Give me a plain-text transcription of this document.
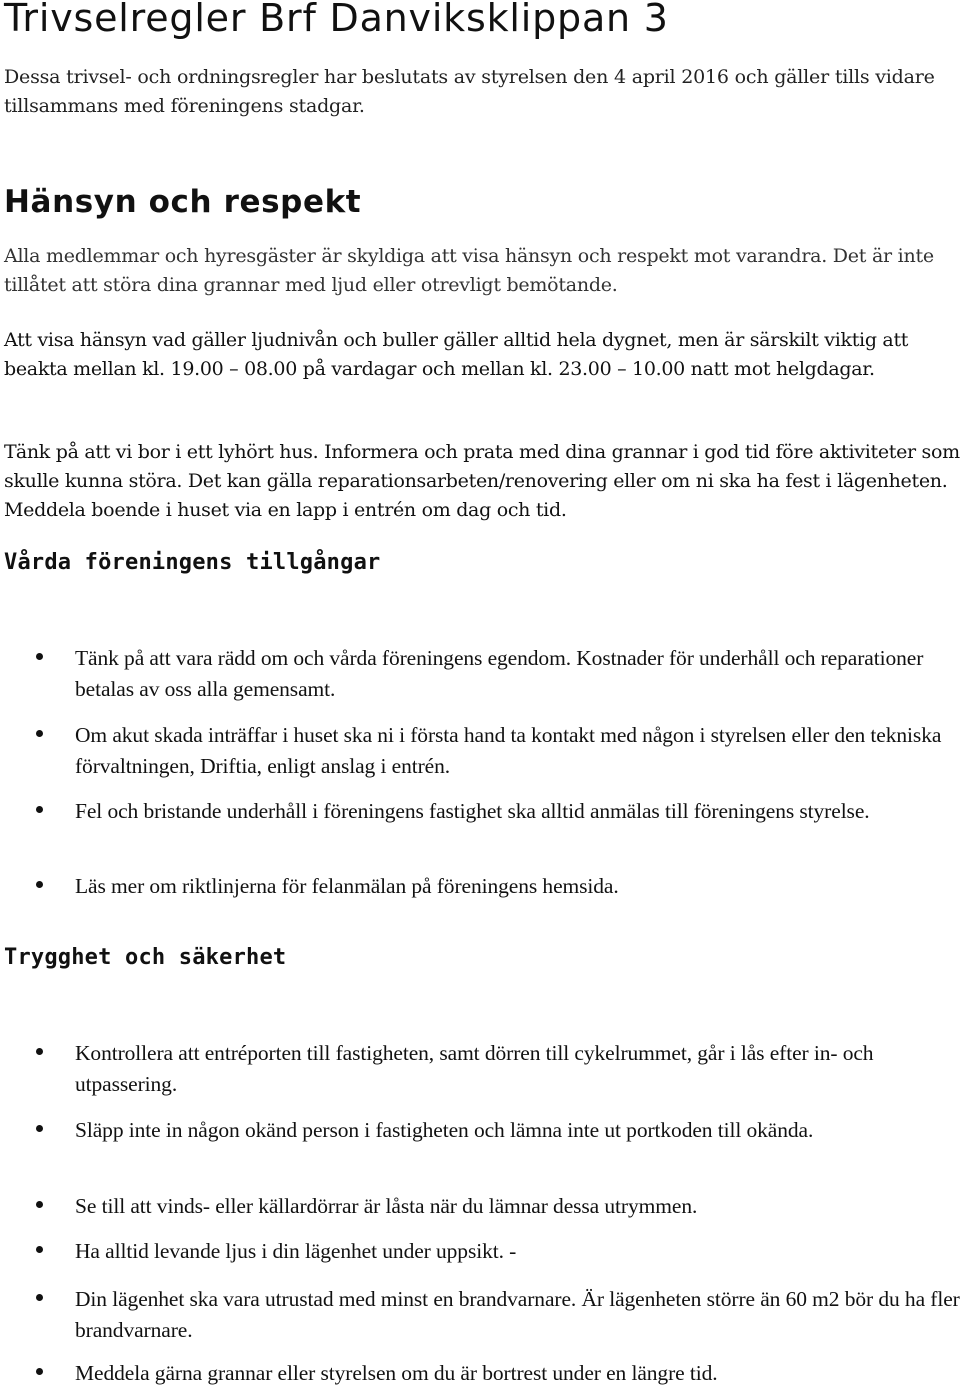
Trivselregler Brf Danviksklippan 3

Dessa trivsel- och ordningsregler har beslutats av styrelsen den 4 april 2016 och gäller tills vidare tillsammans med föreningens stadgar.

Hänsyn och respekt

Alla medlemmar och hyresgäster är skyldiga att visa hänsyn och respekt mot varandra. Det är inte tillåtet att störa dina grannar med ljud eller otrevligt bemötande.

Att visa hänsyn vad gäller ljudnivån och buller gäller alltid hela dygnet, men är särskilt viktig att beakta mellan kl. 19.00 – 08.00 på vardagar och mellan kl. 23.00 – 10.00 natt mot helgdagar.

Tänk på att vi bor i ett lyhört hus. Informera och prata med dina grannar i god tid före aktiviteter som skulle kunna störa. Det kan gälla reparationsarbeten/renovering eller om ni ska ha fest i lägenheten. Meddela boende i huset via en lapp i entrén om dag och tid.

Vårda föreningens tillgångar
Tänk på att vara rädd om och vårda föreningens egendom. Kostnader för underhåll och reparationer betalas av oss alla gemensamt.
Om akut skada inträffar i huset ska ni i första hand ta kontakt med någon i styrelsen eller den tekniska förvaltningen, Driftia, enligt anslag i entrén.
Fel och bristande underhåll i föreningens fastighet ska alltid anmälas till föreningens styrelse.
Läs mer om riktlinjerna för felanmälan på föreningens hemsida.
Trygghet och säkerhet
Kontrollera att entréporten till fastigheten, samt dörren till cykelrummet, går i lås efter in- och utpassering.
Släpp inte in någon okänd person i fastigheten och lämna inte ut portkoden till okända.
Se till att vinds- eller källardörrar är låsta när du lämnar dessa utrymmen.
Ha alltid levande ljus i din lägenhet under uppsikt. -
Din lägenhet ska vara utrustad med minst en brandvarnare. Är lägenheten större än 60 m2 bör du ha fler brandvarnare.
Meddela gärna grannar eller styrelsen om du är bortrest under en längre tid.
